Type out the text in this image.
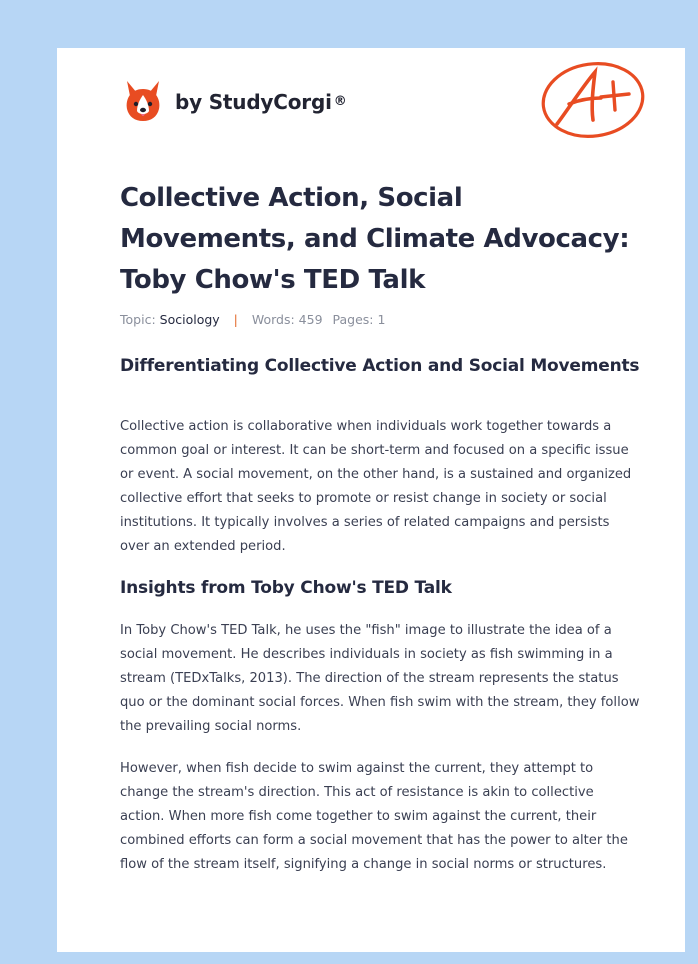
by StudyCorgi ®
Collective Action, Social Movements, and Climate Advocacy: Toby Chow's TED Talk
Topic: Sociology | Words: 459 Pages: 1
Differentiating Collective Action and Social Movements

Collective action is collaborative when individuals work together towards a common goal or interest. It can be short-term and focused on a specific issue or event. A social movement, on the other hand, is a sustained and organized collective effort that seeks to promote or resist change in society or social institutions. It typically involves a series of related campaigns and persists over an extended period.

Insights from Toby Chow's TED Talk

In Toby Chow's TED Talk, he uses the "fish" image to illustrate the idea of a social movement. He describes individuals in society as fish swimming in a stream (TEDxTalks, 2013). The direction of the stream represents the status quo or the dominant social forces. When fish swim with the stream, they follow the prevailing social norms.

However, when fish decide to swim against the current, they attempt to change the stream's direction. This act of resistance is akin to collective action. When more fish come together to swim against the current, their combined efforts can form a social movement that has the power to alter the flow of the stream itself, signifying a change in social norms or structures.
